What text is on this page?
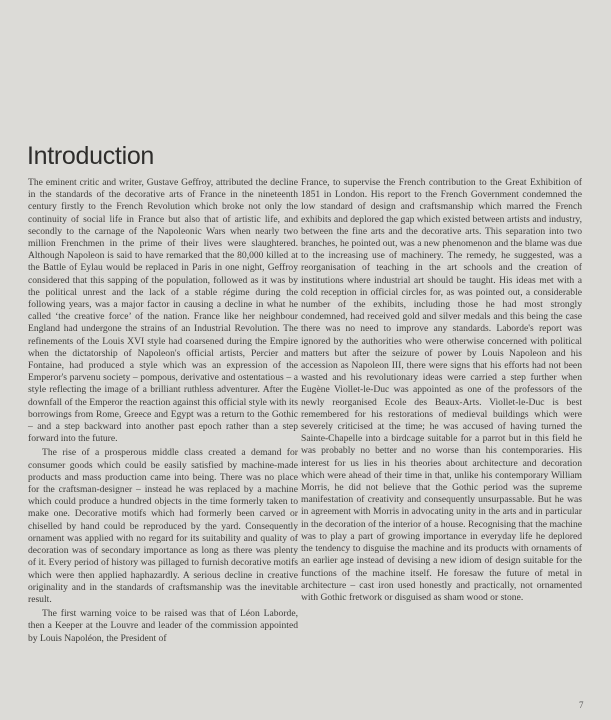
Introduction

The eminent critic and writer, Gustave Geffroy, attributed the decline in the standards of the decorative arts of France in the nineteenth century firstly to the French Revolution which broke not only the continuity of social life in France but also that of artistic life, and secondly to the carnage of the Napoleonic Wars when nearly two million Frenchmen in the prime of their lives were slaughtered. Although Napoleon is said to have remarked that the 80,000 killed at the Battle of Eylau would be replaced in Paris in one night, Geffroy considered that this sapping of the population, followed as it was by the political unrest and the lack of a stable régime during the following years, was a major factor in causing a decline in what he called ‘the creative force’ of the nation. France like her neighbour England had undergone the strains of an Industrial Revolution. The refinements of the Louis XVI style had coarsened during the Empire when the dictatorship of Napoleon's official artists, Percier and Fontaine, had produced a style which was an expression of the Emperor's parvenu society – pompous, derivative and ostentatious – a style reflecting the image of a brilliant ruthless adventurer. After the downfall of the Emperor the reaction against this official style with its borrowings from Rome, Greece and Egypt was a return to the Gothic – and a step backward into another past epoch rather than a step forward into the future.

The rise of a prosperous middle class created a demand for consumer goods which could be easily satisfied by machine-made products and mass production came into being. There was no place for the craftsman-designer – instead he was replaced by a machine which could produce a hundred objects in the time formerly taken to make one. Decorative motifs which had formerly been carved or chiselled by hand could be reproduced by the yard. Consequently ornament was applied with no regard for its suitability and quality of decoration was of secondary importance as long as there was plenty of it. Every period of history was pillaged to furnish decorative motifs which were then applied haphazardly. A serious decline in creative originality and in the standards of craftsmanship was the inevitable result.

The first warning voice to be raised was that of Léon Laborde, then a Keeper at the Louvre and leader of the commission appointed by Louis Napoléon, the President of

France, to supervise the French contribution to the Great Exhibition of 1851 in London. His report to the French Government condemned the low standard of design and craftsmanship which marred the French exhibits and deplored the gap which existed between artists and industry, between the fine arts and the decorative arts. This separation into two branches, he pointed out, was a new phenomenon and the blame was due to the increasing use of machinery. The remedy, he suggested, was a reorganisation of teaching in the art schools and the creation of institutions where industrial art should be taught. His ideas met with a cold reception in official circles for, as was pointed out, a considerable number of the exhibits, including those he had most strongly condemned, had received gold and silver medals and this being the case there was no need to improve any standards. Laborde's report was ignored by the authorities who were otherwise concerned with political matters but after the seizure of power by Louis Napoleon and his accession as Napoleon III, there were signs that his efforts had not been wasted and his revolutionary ideas were carried a step further when Eugène Viollet-le-Duc was appointed as one of the professors of the newly reorganised Ecole des Beaux-Arts. Viollet-le-Duc is best remembered for his restorations of medieval buildings which were severely criticised at the time; he was accused of having turned the Sainte-Chapelle into a birdcage suitable for a parrot but in this field he was probably no better and no worse than his contemporaries. His interest for us lies in his theories about architecture and decoration which were ahead of their time in that, unlike his contemporary William Morris, he did not believe that the Gothic period was the supreme manifestation of creativity and consequently unsurpassable. But he was in agreement with Morris in advocating unity in the arts and in particular in the decoration of the interior of a house. Recognising that the machine was to play a part of growing importance in everyday life he deplored the tendency to disguise the machine and its products with ornaments of an earlier age instead of devising a new idiom of design suitable for the functions of the machine itself. He foresaw the future of metal in architecture – cast iron used honestly and practically, not ornamented with Gothic fretwork or disguised as sham wood or stone.

7
